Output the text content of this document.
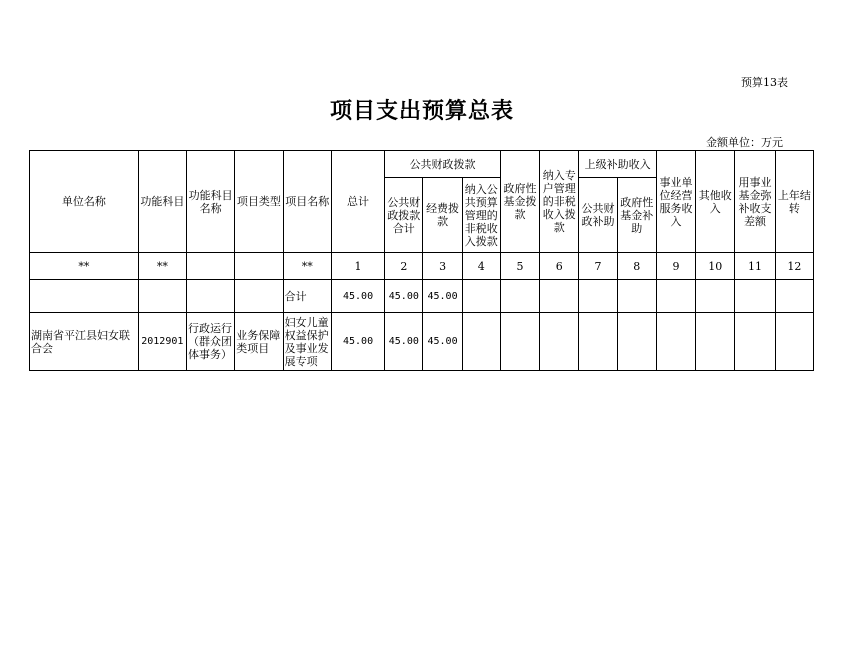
预算13表
项目支出预算总表
金额单位：万元
单位名称	功能科目	功能科目名称	项目类型	项目名称	总计	公共财政拨款			政府性基金拨款	纳入专户管理的非税收入拨款	上级补助收入		事业单位经营服务收入	其他收入	用事业基金弥补收支差额	上年结转
						公共财政拨款合计	经费拨款	纳入公共预算管理的非税收入拨款			公共财政补助	政府性基金补助				
**	**			**	1	2	3	4	5	6	7	8	9	10	11	12
				合计	45.00	45.00	45.00									
湖南省平江县妇女联合会	2012901	行政运行（群众团体事务）	业务保障类项目	妇女儿童权益保护及事业发展专项	45.00	45.00	45.00									
